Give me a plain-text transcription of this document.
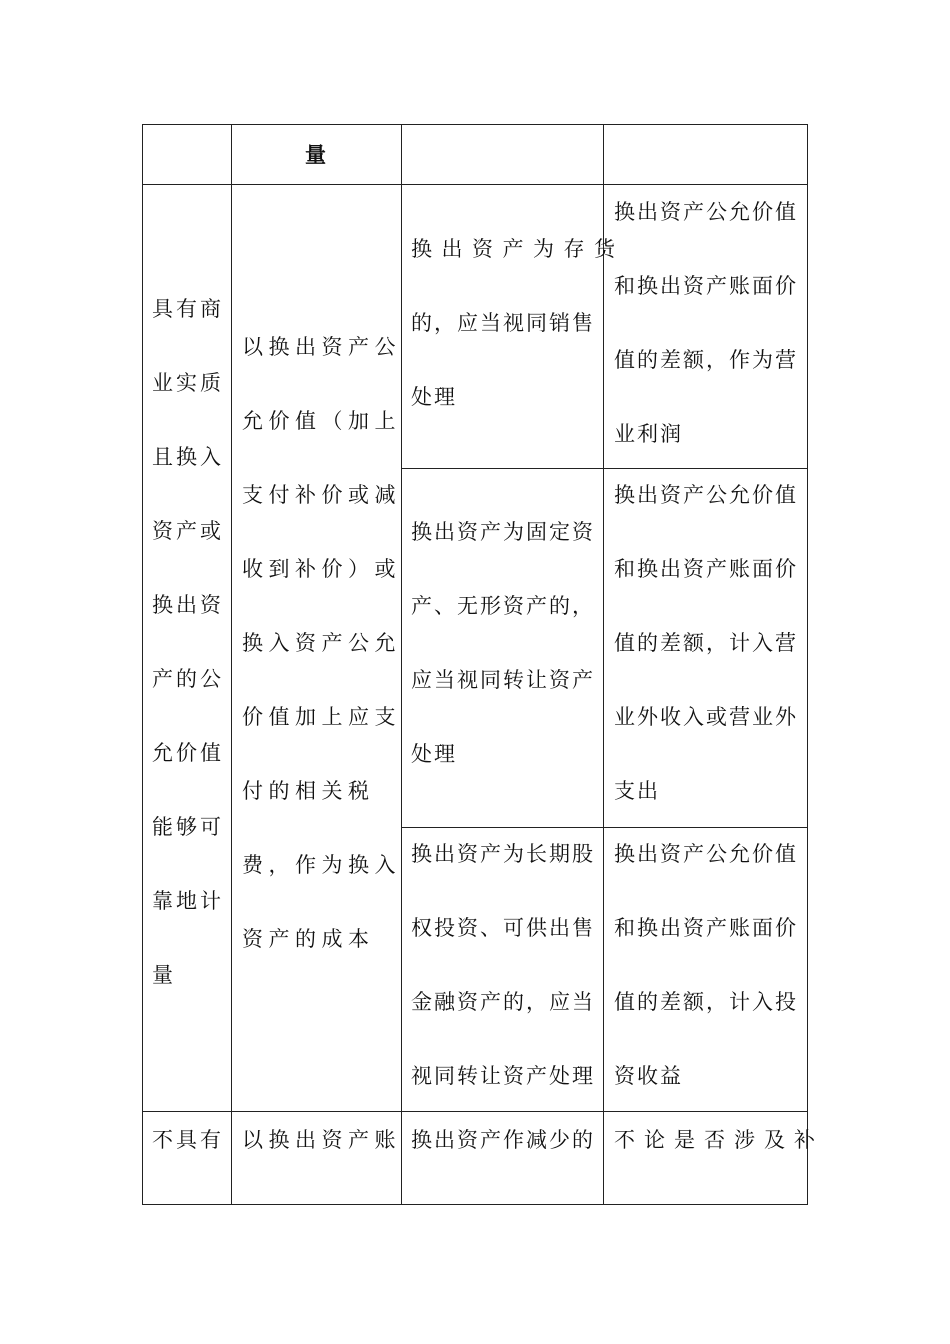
量
具有商
业实质
且换入
资产或
换出资
产的公
允价值
能够可
靠地计
量
以换出资产公
允价值（加上
支付补价或减
收到补价）或
换入资产公允
价值加上应支
付的相关税
费，作为换入
资产的成本
换出资产为存货
的，应当视同销售
处理
换出资产公允价值
和换出资产账面价
值的差额，作为营
业利润
换出资产为固定资
产、无形资产的，
应当视同转让资产
处理
换出资产公允价值
和换出资产账面价
值的差额，计入营
业外收入或营业外
支出
换出资产为长期股
权投资、可供出售
金融资产的，应当
视同转让资产处理
换出资产公允价值
和换出资产账面价
值的差额，计入投
资收益
不具有 以换出资产账 换出资产作减少的 不论是否涉及补
